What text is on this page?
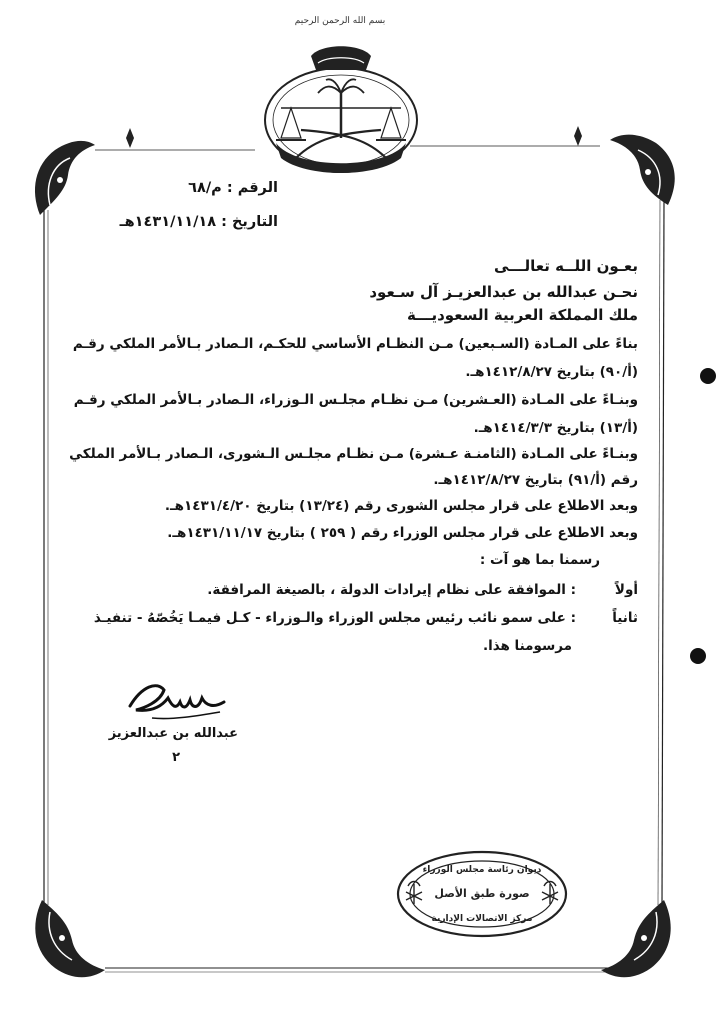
بسم الله الرحمن الرحيم
الرقم : م/٦٨
التاريخ : ١٤٣١/١١/١٨هـ
بعـون اللــه تعالـــى
نحـن عبدالله بن عبدالعزيـز آل سـعود
ملك المملكة العربية السعوديـــة
بناءً على المـادة (السـبعين) مـن النظـام الأساسي للحكـم، الـصادر بـالأمر الملكي رقـم
(أ/٩٠) بتاريخ ١٤١٢/٨/٢٧هـ.
وبنـاءً على المـادة (العـشرين) مـن نظـام مجلـس الـوزراء، الـصادر بـالأمر الملكي رقـم
(أ/١٣) بتاريخ ١٤١٤/٣/٣هـ.
وبنـاءً على المـادة (الثامنـة عـشرة) مـن نظـام مجلـس الـشورى، الـصادر بـالأمر الملكي
رقم (أ/٩١) بتاريخ ١٤١٢/٨/٢٧هـ.
وبعد الاطلاع على قرار مجلس الشورى رقم (١٣/٢٤) بتاريخ ١٤٣١/٤/٢٠هـ.
وبعد الاطلاع على قرار مجلس الوزراء رقم ( ٢٥٩ ) بتاريخ ١٤٣١/١١/١٧هـ.
رسمنا بما هو آت :
أولاً
: الموافقة على نظام إيرادات الدولة ، بالصيغة المرافقة.
ثانياً
: على سمو نائب رئيس مجلس الوزراء والـوزراء - كـل فيمـا يَخُصّهُ - تنفيـذ
مرسومنا هذا.
عبدالله بن عبدالعزيز
٢
ديوان رئاسة مجلس الوزراء
صورة طبق الأصل
مركز الاتصالات الإدارية
